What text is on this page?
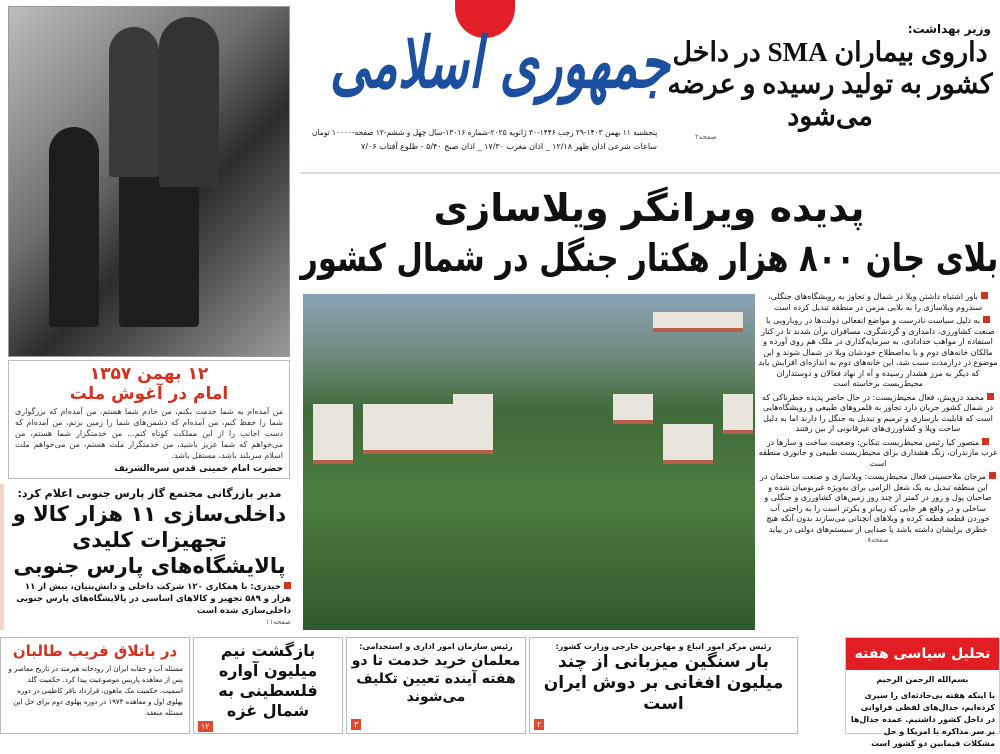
۱۲ بهمن ۱۳۵۷
امام در آغوش ملت

من آمده‌ام به شما خدمت بکنم، من خادم شما هستم، من آمده‌ام که بزرگواری شما را حفظ کنم، من آمده‌ام که دشمن‌های شما را زمین بزنم، من آمده‌ام که دست اجانب را از این مملکت کوتاه کنم... من خدمتگزار شما هستم، من می‌خواهم که شما عزیز باشید، من خدمتگزار ملت هستم، من می‌خواهم ملت اسلام سربلند باشد، مستقل باشد.

حضرت امام خمینی قدس سره‌الشریف
مدیر بازرگانی مجتمع گاز پارس جنوبی اعلام کرد:
داخلی‌سازی ۱۱ هزار کالا و تجهیزات کلیدی پالایشگاه‌های پارس جنوبی

حیدری: با همکاری ۱۲۰ شرکت داخلی و دانش‌بنیان، بیش از ۱۱ هزار و ۵۸۹ تجهیز و کالاهای اساسی در پالایشگاه‌های پارس جنوبی داخلی‌سازی شده است

صفحه۱۱
جمهوری اسلامی
پنجشنبه ۱۱ بهمن ۱۴۰۳-۲۹ رجب ۱۴۴۶-۳۰ ژانویه ۲۰۲۵-شماره ۱۳۰۱۶-سال چهل و ششم-۱۲ صفحه-۱۰۰۰۰ تومان
ساعات شرعی اذان ظهر ۱۲/۱۸ _ اذان مغرب ۱۷/۳۰ _ اذان صبح ۵/۴۰ - طلوع آفتاب ۷/۰۶
وزیر بهداشت:
داروی بیماران SMA در داخل کشور به تولید رسیده و عرضه می‌شود
صفحه۲
پدیده ویرانگر ویلاسازی
بلای جان ۸۰۰ هزار هکتار جنگل در شمال کشور

باور اشتباه داشتن ویلا در شمال و تجاوز به رویشگاه‌های جنگلی، سندروم ویلاسازی را به بلایی مزمن در منطقه تبدیل کرده است

به دلیل سیاست نادرست و مواضع انفعالی دولت‌ها در رویارویی با صنعت کشاورزی، دامداری و گردشگری، مسافران برآن شدند تا در کنار استفاده از مواهب خدادادی، به سرمایه‌گذاری در ملک هم روی آورده و مالکان خانه‌های دوم و یا به‌اصطلاح خودشان ویلا در شمال شوند و این موضوع در درازمدت سبب شد، این خانه‌های دوم به اندازه‌ای افزایش یابد که دیگر به مرز هشدار رسیده و آه از نهاد فعالان و دوستداران محیط‌زیست برخاسته است

محمد درویش، فعال محیط‌زیست: در حال حاضر پدیده خطرناکی که در شمال کشور جریان دارد تجاوز به قلمروهای طبیعی و رویشگاه‌هایی است که قابلیت بازسازی و ترمیم و تبدیل به جنگل را دارند اما به دلیل ساخت ویلا و کشاورزی‌های غیرقانونی از بین رفتند

منصور کیا رئیس محیط‌زیست تنکابن: وضعیت ساخت و سازها در غرب مازندران، زنگ هشداری برای محیط‌زیست طبیعی و جانوری منطقه است

مرجان ملاحسینی فعال محیط‌زیست: ویلاسازی و صنعت ساختمان در این منطقه تبدیل به یک شغل الزامی برای به‌ویژه غیربومیان شده و صاحبان پول و زور در کمتر از چند روز زمین‌های کشاورزی و جنگلی و ساحلی و در واقع هر جایی که زیباتر و بکرتر است را به راحتی آب خوردن قطعه قطعه کرده و ویلاهای آنچنانی می‌سازند بدون آنکه هیچ خطری برایشان داشته باشد یا صدایی از سیستم‌های دولتی در بیاید صفحه۸

رئیس مرکز امور اتباع و مهاجرین خارجی وزارت کشور:
بار سنگین میزبانی از چند میلیون افغانی بر دوش ایران است
۲
رئیس سازمان امور اداری و استخدامی:
معلمان خرید خدمت تا دو هفته آینده تعیین تکلیف می‌شوند
۳
بازگشت نیم میلیون آواره فلسطینی به شمال غزه
۱۲
در باتلاق فریب طالبان
مسئله آب و حقابه ایران از رودخانه هیرمند در تاریخ معاصر و پس از معاهده پاریس موضوعیت پیدا کرد. حکمیت گلد اسمیت، حکمیت مک ماهون، قرارداد باقر کاظمی در دوره پهلوی اول و معاهده ۱۹۷۳ در دوره پهلوی دوم برای حل این مسئله منعقد
تحلیل سیاسی هفته
بسم‌الله الرحمن الرحیم
با اینکه هفته بی‌حادثه‌ای را سپری کرده‌ایم، جدال‌های لفظی فراوانی در داخل کشور داشتیم. عمده جدال‌ها بر سر مذاکره با امریکا و حل مشکلات فیمابین دو کشور است
